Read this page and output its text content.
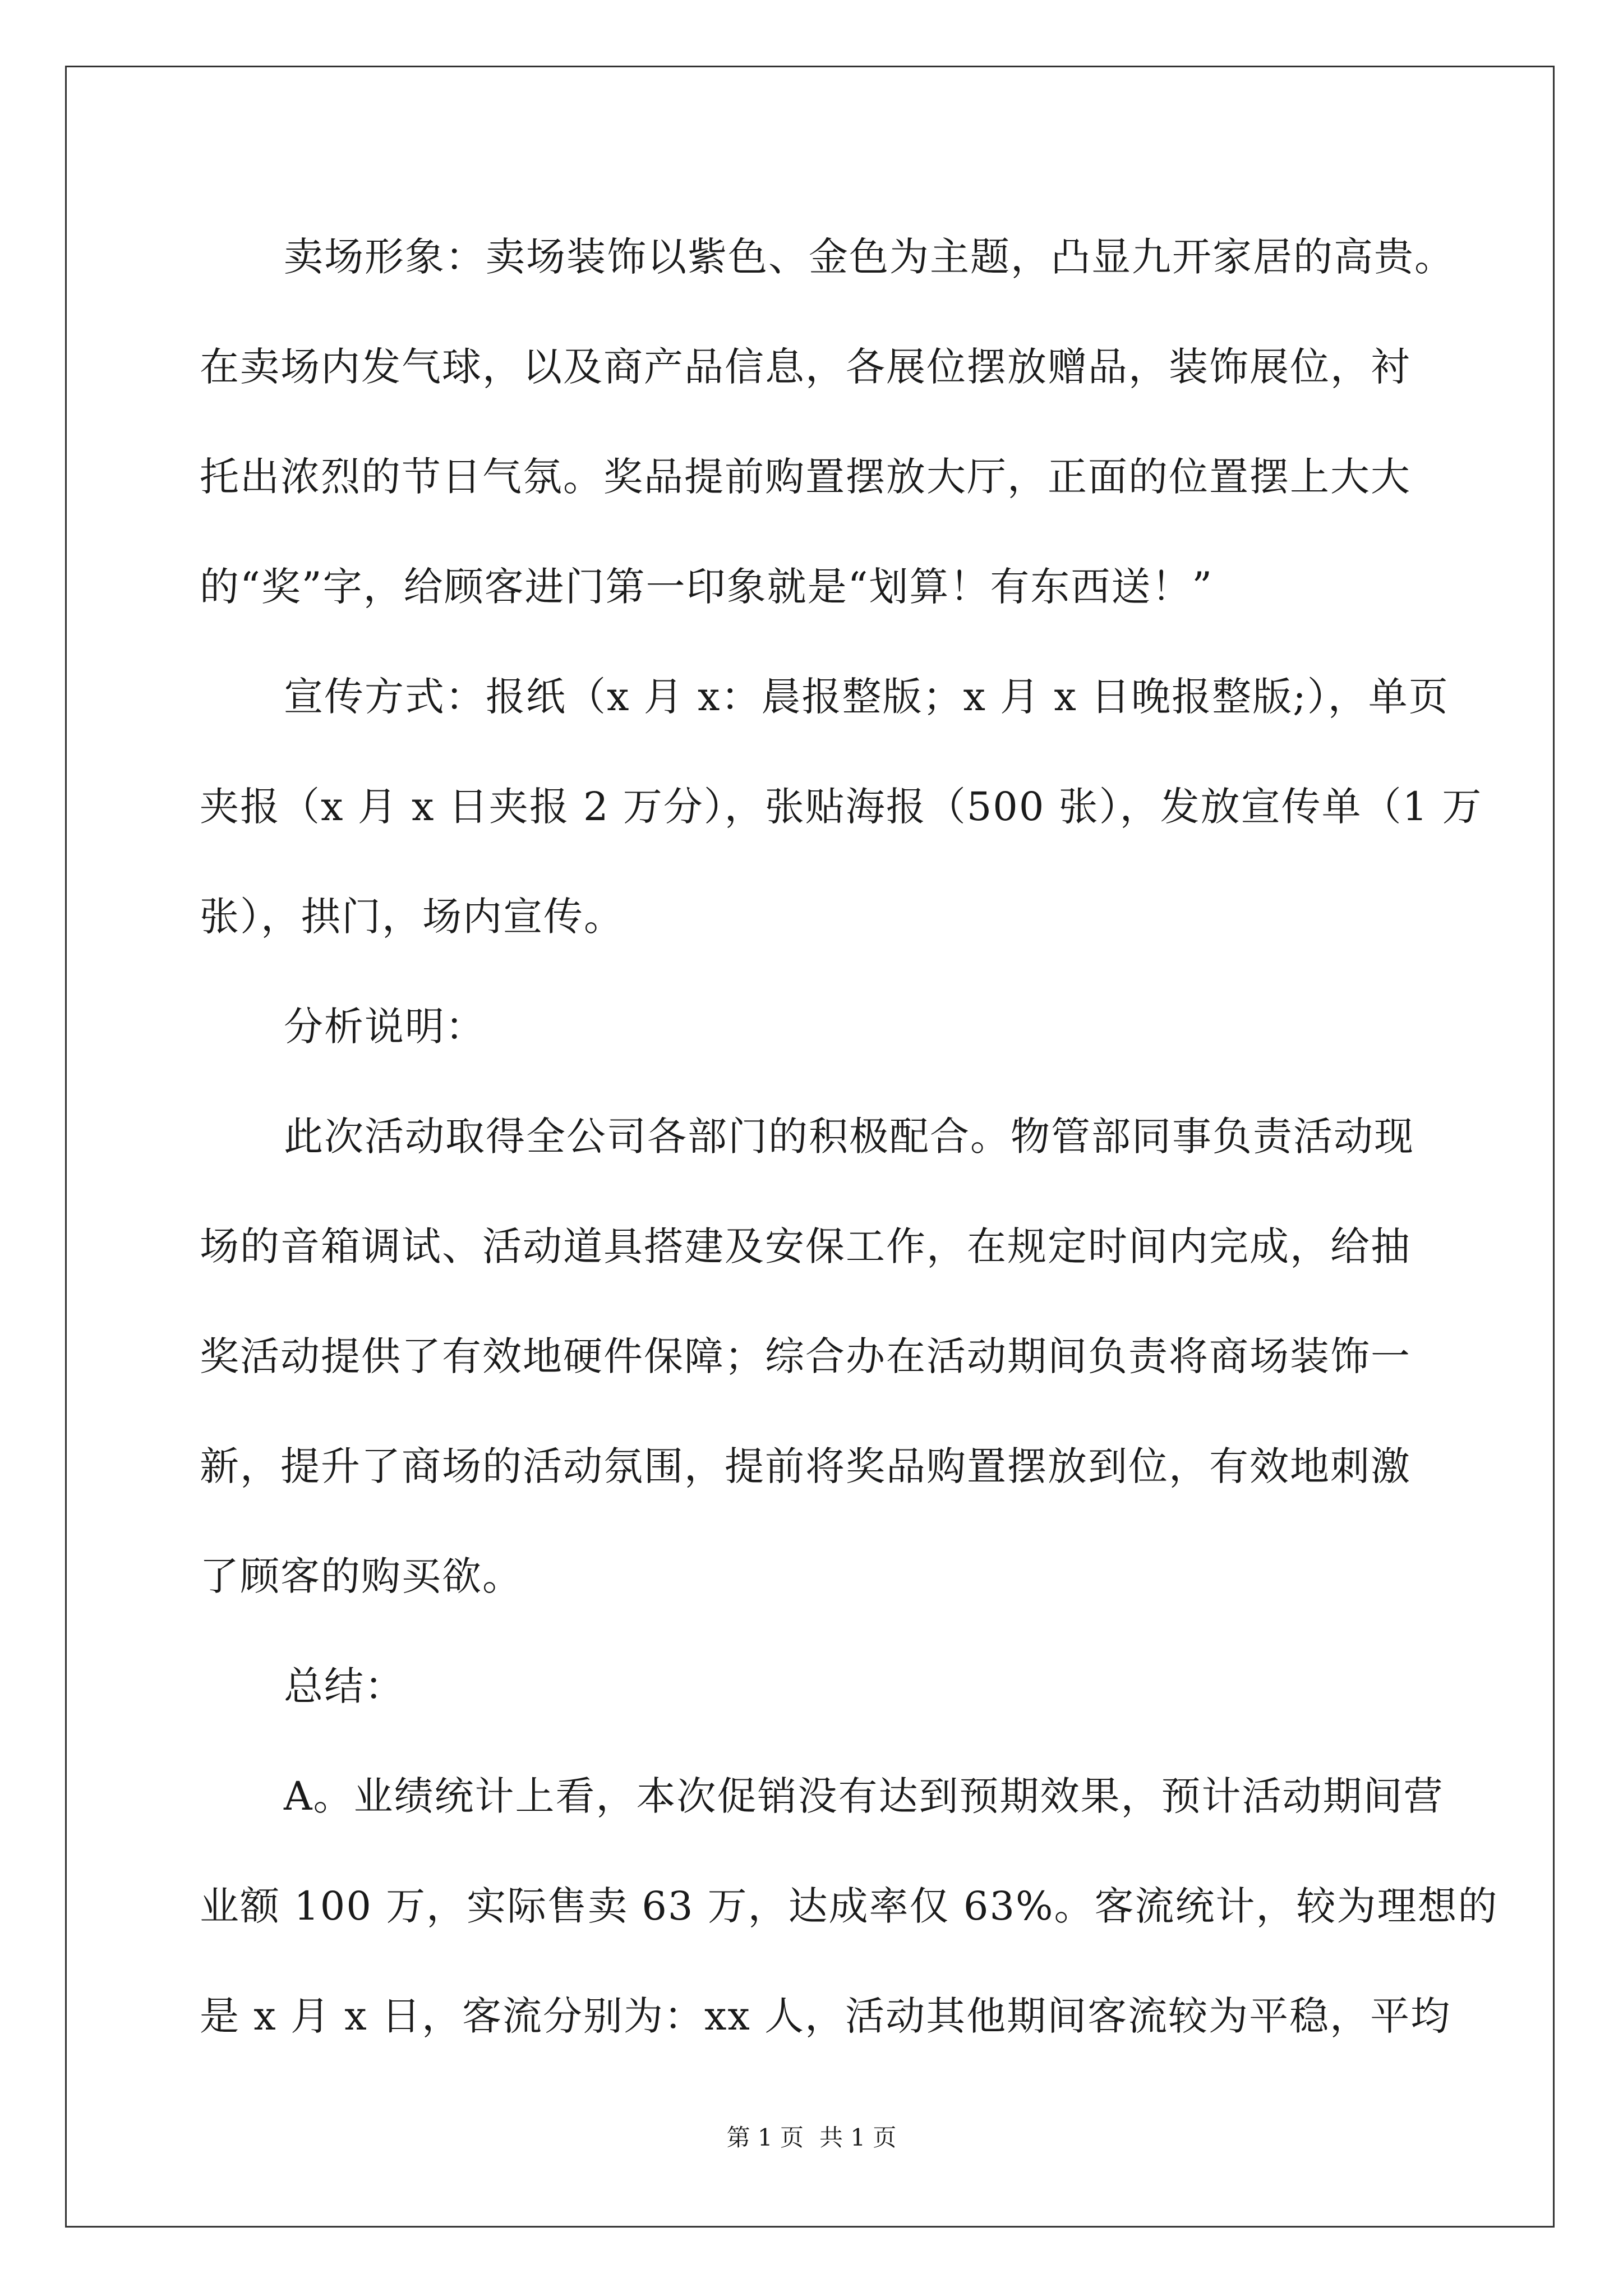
卖场形象：卖场装饰以紫色、金色为主题，凸显九开家居的高贵。
在卖场内发气球，以及商产品信息，各展位摆放赠品，装饰展位，衬
托出浓烈的节日气氛。奖品提前购置摆放大厅，正面的位置摆上大大
的“奖”字，给顾客进门第一印象就是“划算！有东西送！”
宣传方式：报纸（x 月 x：晨报整版；x 月 x 日晚报整版;），单页
夹报（x 月 x 日夹报 2 万分），张贴海报（500 张），发放宣传单（1 万
张），拱门，场内宣传。
分析说明：
此次活动取得全公司各部门的积极配合。物管部同事负责活动现
场的音箱调试、活动道具搭建及安保工作，在规定时间内完成，给抽
奖活动提供了有效地硬件保障；综合办在活动期间负责将商场装饰一
新，提升了商场的活动氛围，提前将奖品购置摆放到位，有效地刺激
了顾客的购买欲。
总结：
A。业绩统计上看，本次促销没有达到预期效果，预计活动期间营
业额 100 万，实际售卖 63 万，达成率仅 63%。客流统计，较为理想的
是 x 月 x 日，客流分别为：xx 人，活动其他期间客流较为平稳，平均
第 1 页 共 1 页
